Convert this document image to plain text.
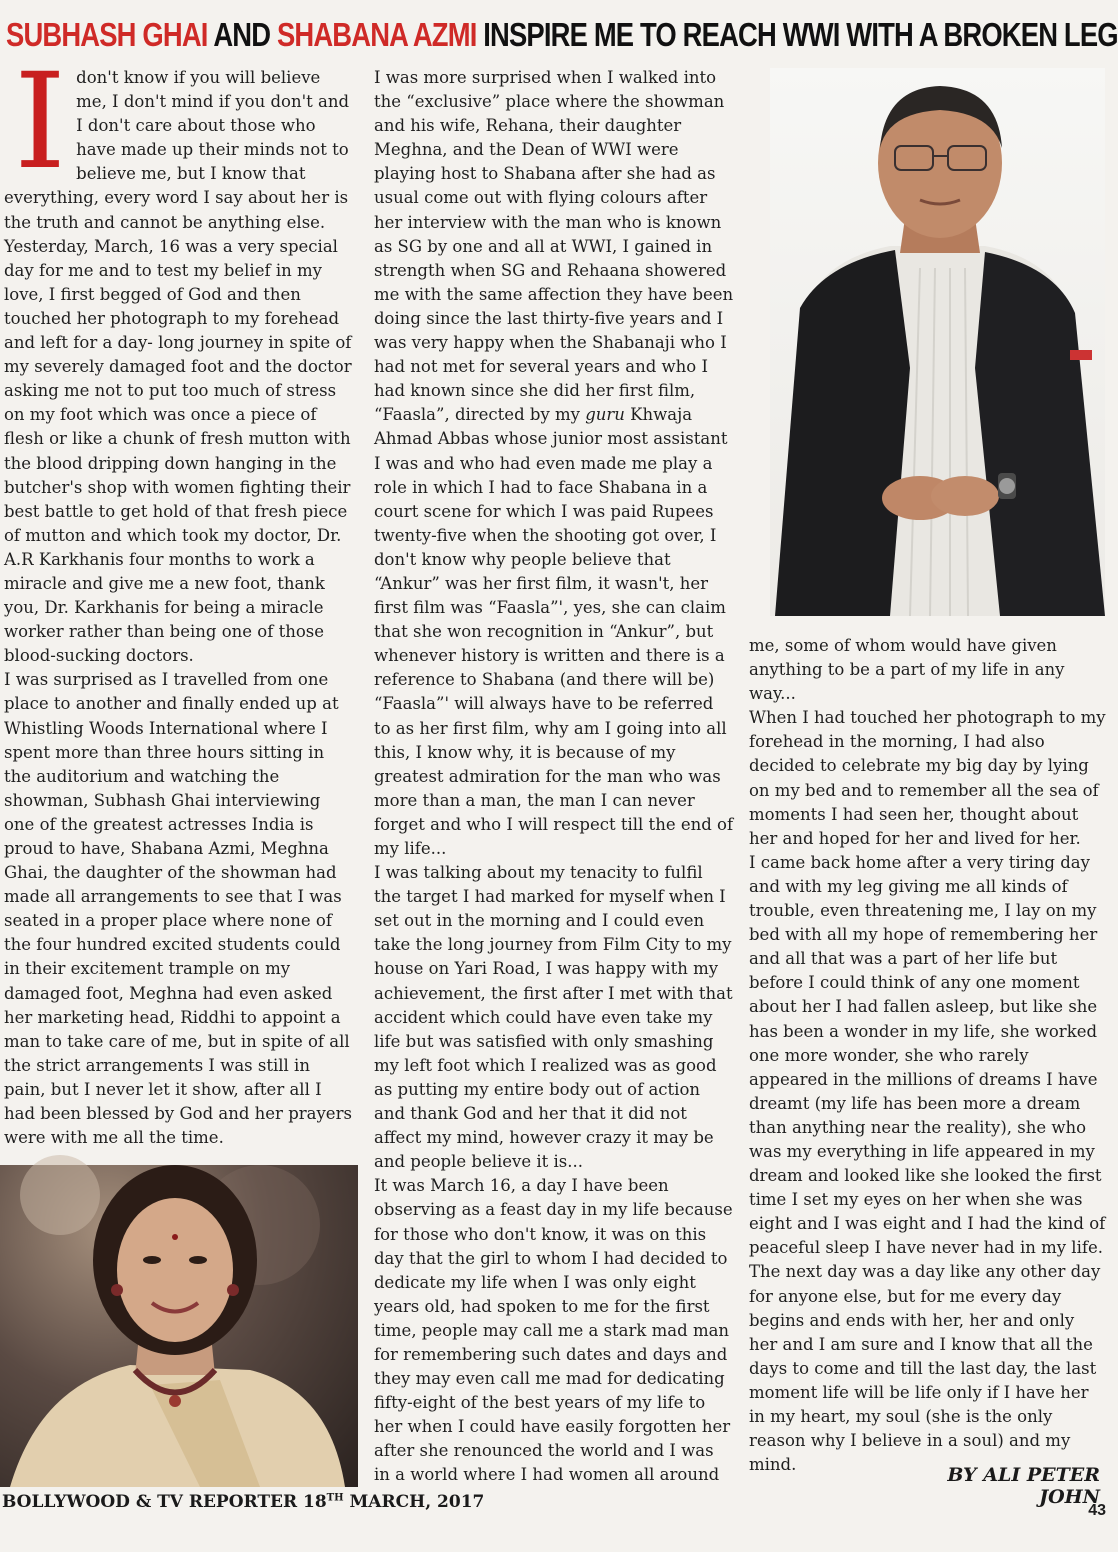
SUBHASH GHAI AND SHABANA AZMI INSPIRE ME TO REACH WWI WITH A BROKEN LEG
I don't know if you will believe me, I don't mind if you don't and I don't care about those who have made up their minds not to believe me, but I know that everything, every word I say about her is the truth and cannot be anything else.

Yesterday, March, 16 was a very special day for me and to test my belief in my love, I first begged of God and then touched her photograph to my forehead and left for a day- long journey in spite of my severely damaged foot and the doctor asking me not to put too much of stress on my foot which was once a piece of flesh or like a chunk of fresh mutton with the blood dripping down hanging in the butcher's shop with women fighting their best battle to get hold of that fresh piece of mutton and which took my doctor, Dr. A.R Karkhanis four months to work a miracle and give me a new foot, thank you, Dr. Karkhanis for being a miracle worker rather than being one of those blood-sucking doctors.

I was surprised as I travelled from one place to another and finally ended up at Whistling Woods International where I spent more than three hours sitting in the auditorium and watching the showman, Subhash Ghai interviewing one of the greatest actresses India is proud to have, Shabana Azmi, Meghna Ghai, the daughter of the showman had made all arrangements to see that I was seated in a proper place where none of the four hundred excited students could in their excitement trample on my damaged foot, Meghna had even asked her marketing head, Riddhi to appoint a man to take care of me, but in spite of all the strict arrangements I was still in pain, but I never let it show, after all I had been blessed by God and her prayers were with me all the time.

I was more surprised when I walked into the “exclusive” place where the showman and his wife, Rehana, their daughter Meghna, and the Dean of WWI were playing host to Shabana after she had as usual come out with flying colours after her interview with the man who is known as SG by one and all at WWI, I gained in strength when SG and Rehaana showered me with the same affection they have been doing since the last thirty-five years and I was very happy when the Shabanaji who I had not met for several years and who I had known since she did her first film, “Faasla”, directed by my guru Khwaja Ahmad Abbas whose junior most assistant I was and who had even made me play a role in which I had to face Shabana in a court scene for which I was paid Rupees twenty-five when the shooting got over, I don't know why people believe that “Ankur” was her first film, it wasn't, her first film was “Faasla”', yes, she can claim that she won recognition in “Ankur”, but whenever history is written and there is a reference to Shabana (and there will be) “Faasla”' will always have to be referred to as her first film, why am I going into all this, I know why, it is because of my greatest admiration for the man who was more than a man, the man I can never forget and who I will respect till the end of my life...

I was talking about my tenacity to fulfil the target I had marked for myself when I set out in the morning and I could even take the long journey from Film City to my house on Yari Road, I was happy with my achievement, the first after I met with that accident which could have even take my life but was satisfied with only smashing my left foot which I realized was as good as putting my entire body out of action and thank God and her that it did not affect my mind, however crazy it may be and people believe it is...

It was March 16, a day I have been observing as a feast day in my life because for those who don't know, it was on this day that the girl to whom I had decided to dedicate my life when I was only eight years old, had spoken to me for the first time, people may call me a stark mad man for remembering such dates and days and they may even call me mad for dedicating fifty-eight of the best years of my life to her when I could have easily forgotten her after she renounced the world and I was in a world where I had women all around

me, some of whom would have given anything to be a part of my life in any way...

When I had touched her photograph to my forehead in the morning, I had also decided to celebrate my big day by lying on my bed and to remember all the sea of moments I had seen her, thought about her and hoped for her and lived for her.

I came back home after a very tiring day and with my leg giving me all kinds of trouble, even threatening me, I lay on my bed with all my hope of remembering her and all that was a part of her life but before I could think of any one moment about her I had fallen asleep, but like she has been a wonder in my life, she worked one more wonder, she who rarely appeared in the millions of dreams I have dreamt (my life has been more a dream than anything near the reality), she who was my everything in life appeared in my dream and looked like she looked the first time I set my eyes on her when she was eight and I was eight and I had the kind of peaceful sleep I have never had in my life.

The next day was a day like any other day for anyone else, but for me every day begins and ends with her, her and only her and I am sure and I know that all the days to come and till the last day, the last moment life will be life only if I have her in my heart, my soul (she is the only reason why I believe in a soul) and my mind.	BY ALI PETER JOHN
BOLLYWOOD & TV REPORTER 18TH MARCH, 2017	43
